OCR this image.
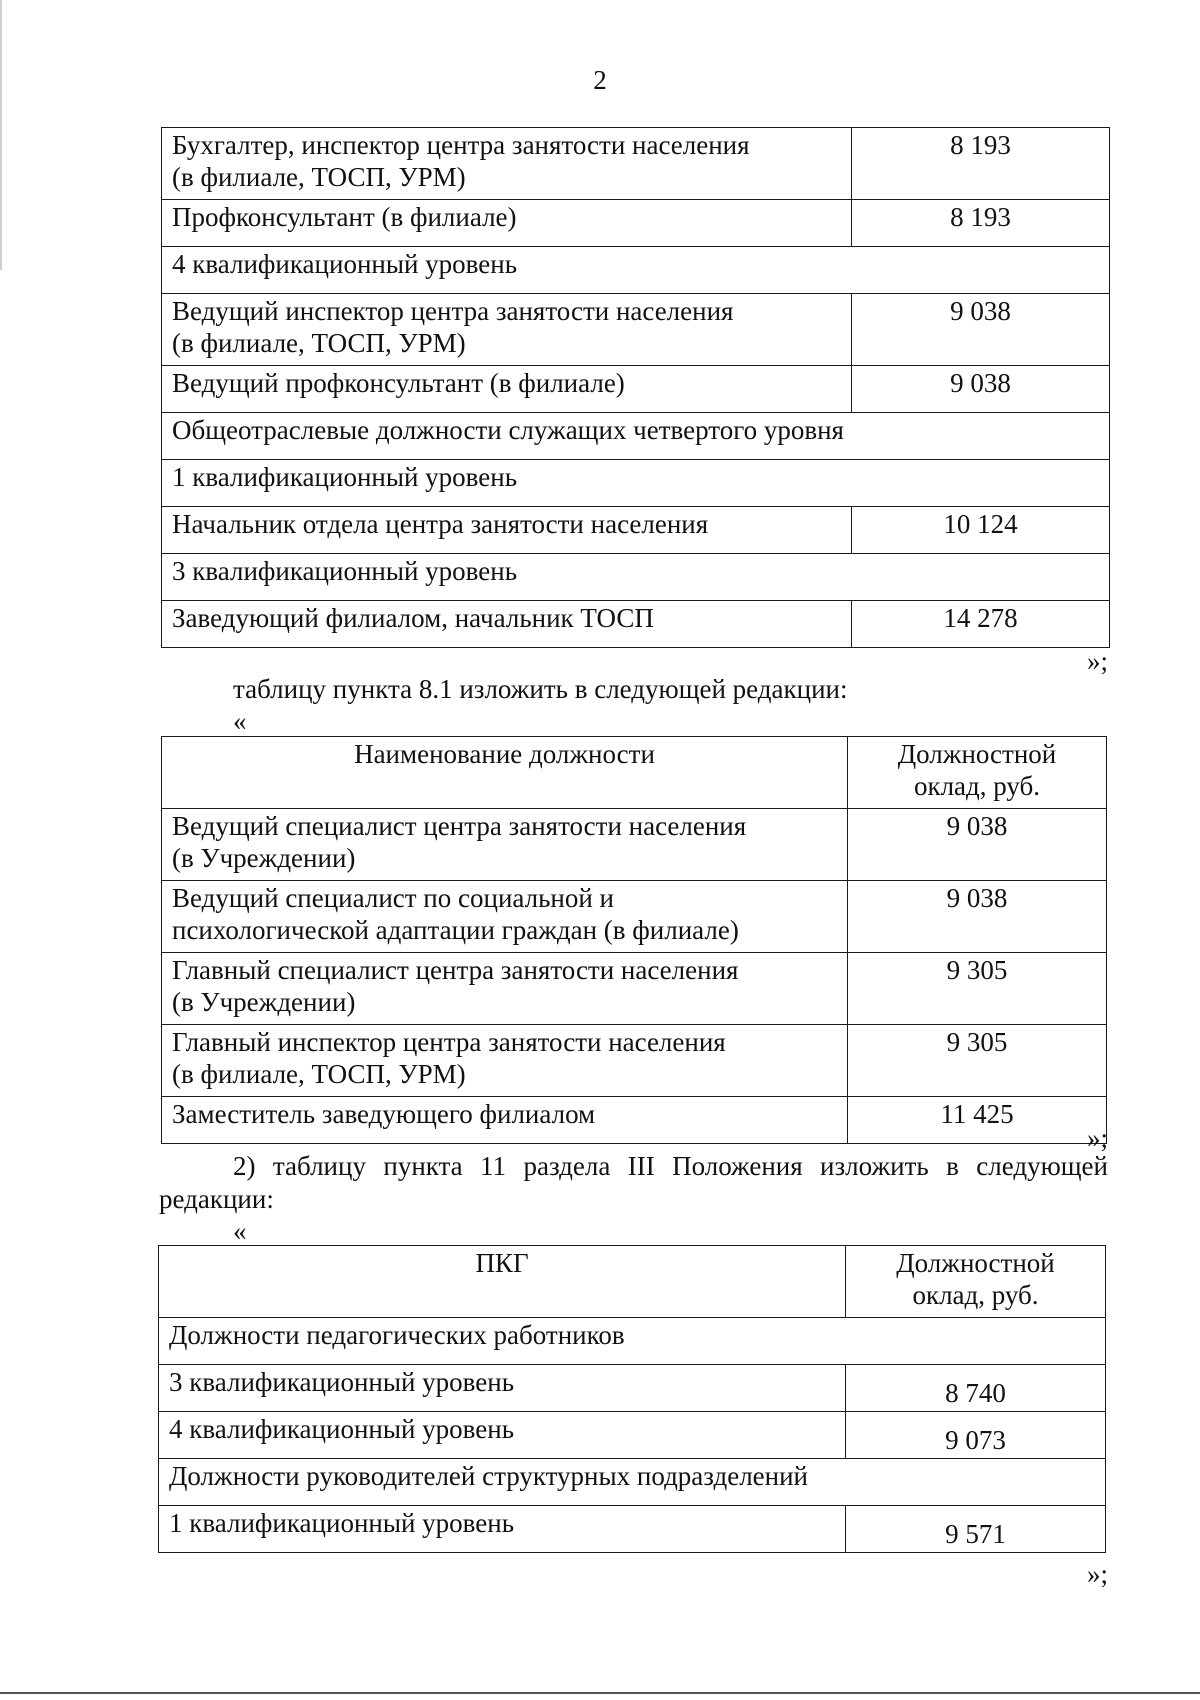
2
Бухгалтер, инспектор центра занятости населения
(в филиале, ТОСП, УРМ)	8 193

Профконсультант (в филиале)	8 193
4 квалификационный уровень	

Ведущий инспектор центра занятости населения
(в филиале, ТОСП, УРМ)	9 038

Ведущий профконсультант (в филиале)	9 038
Общеотраслевые должности служащих четвертого уровня	
1 квалификационный уровень	

Начальник отдела центра занятости населения	10 124
3 квалификационный уровень	

Заведующий филиалом, начальник ТОСП	14 278
»;
таблицу пункта 8.1 изложить в следующей редакции:
«
Наименование должности	Должностной
оклад, руб.

Ведущий специалист центра занятости населения
(в Учреждении)	9 038

Ведущий специалист по социальной и
психологической адаптации граждан (в филиале)	9 038

Главный специалист центра занятости населения
(в Учреждении)	9 305

Главный инспектор центра занятости населения
(в филиале, ТОСП, УРМ)	9 305

Заместитель заведующего филиалом	11 425
»;
2) таблицу пункта 11 раздела III Положения изложить в следующей
редакции:
«
ПКГ	Должностной
оклад, руб.

Должности педагогических работников	

3 квалификационный уровень	8 740

4 квалификационный уровень	9 073
Должности руководителей структурных подразделений	

1 квалификационный уровень	9 571
»;
